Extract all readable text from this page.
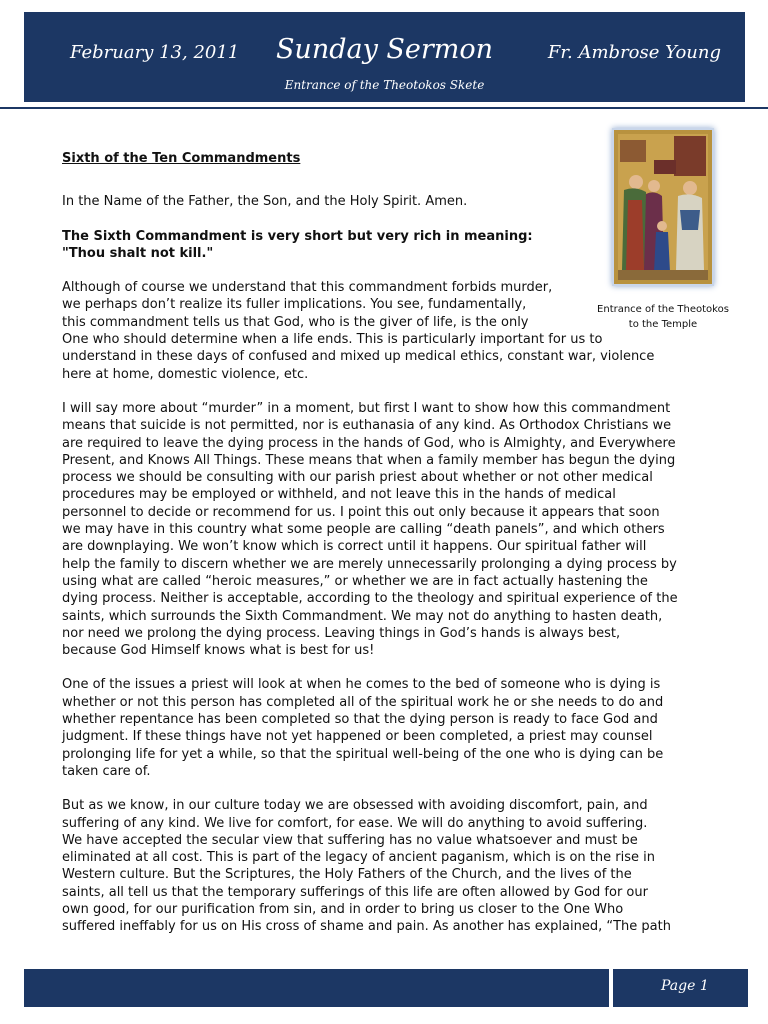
February 13, 2011	Sunday Sermon
Entrance of the Theotokos Skete
Fr. Ambrose Young
Entrance of the Theotokos
to the Temple

Sixth of the Ten Commandments

In the Name of the Father, the Son, and the Holy Spirit. Amen.

The Sixth Commandment is very short but very rich in meaning:
"Thou shalt not kill."

Although of course we understand that this commandment forbids murder,
we perhaps don’t realize its fuller implications. You see, fundamentally,
this commandment tells us that God, who is the giver of life, is the only
One who should determine when a life ends. This is particularly important for us to
understand in these days of confused and mixed up medical ethics, constant war, violence
here at home, domestic violence, etc.

I will say more about “murder” in a moment, but first I want to show how this commandment
means that suicide is not permitted, nor is euthanasia of any kind. As Orthodox Christians we
are required to leave the dying process in the hands of God, who is Almighty, and Everywhere
Present, and Knows All Things. These means that when a family member has begun the dying
process we should be consulting with our parish priest about whether or not other medical
procedures may be employed or withheld, and not leave this in the hands of medical
personnel to decide or recommend for us. I point this out only because it appears that soon
we may have in this country what some people are calling “death panels”, and which others
are downplaying. We won’t know which is correct until it happens. Our spiritual father will
help the family to discern whether we are merely unnecessarily prolonging a dying process by
using what are called “heroic measures,” or whether we are in fact actually hastening the
dying process. Neither is acceptable, according to the theology and spiritual experience of the
saints, which surrounds the Sixth Commandment. We may not do anything to hasten death,
nor need we prolong the dying process. Leaving things in God’s hands is always best,
because God Himself knows what is best for us!

One of the issues a priest will look at when he comes to the bed of someone who is dying is
whether or not this person has completed all of the spiritual work he or she needs to do and
whether repentance has been completed so that the dying person is ready to face God and
judgment. If these things have not yet happened or been completed, a priest may counsel
prolonging life for yet a while, so that the spiritual well-being of the one who is dying can be
taken care of.

But as we know, in our culture today we are obsessed with avoiding discomfort, pain, and
suffering of any kind. We live for comfort, for ease. We will do anything to avoid suffering.
We have accepted the secular view that suffering has no value whatsoever and must be
eliminated at all cost. This is part of the legacy of ancient paganism, which is on the rise in
Western culture. But the Scriptures, the Holy Fathers of the Church, and the lives of the
saints, all tell us that the temporary sufferings of this life are often allowed by God for our
own good, for our purification from sin, and in order to bring us closer to the One Who
suffered ineffably for us on His cross of shame and pain. As another has explained, “The path

Page 1
